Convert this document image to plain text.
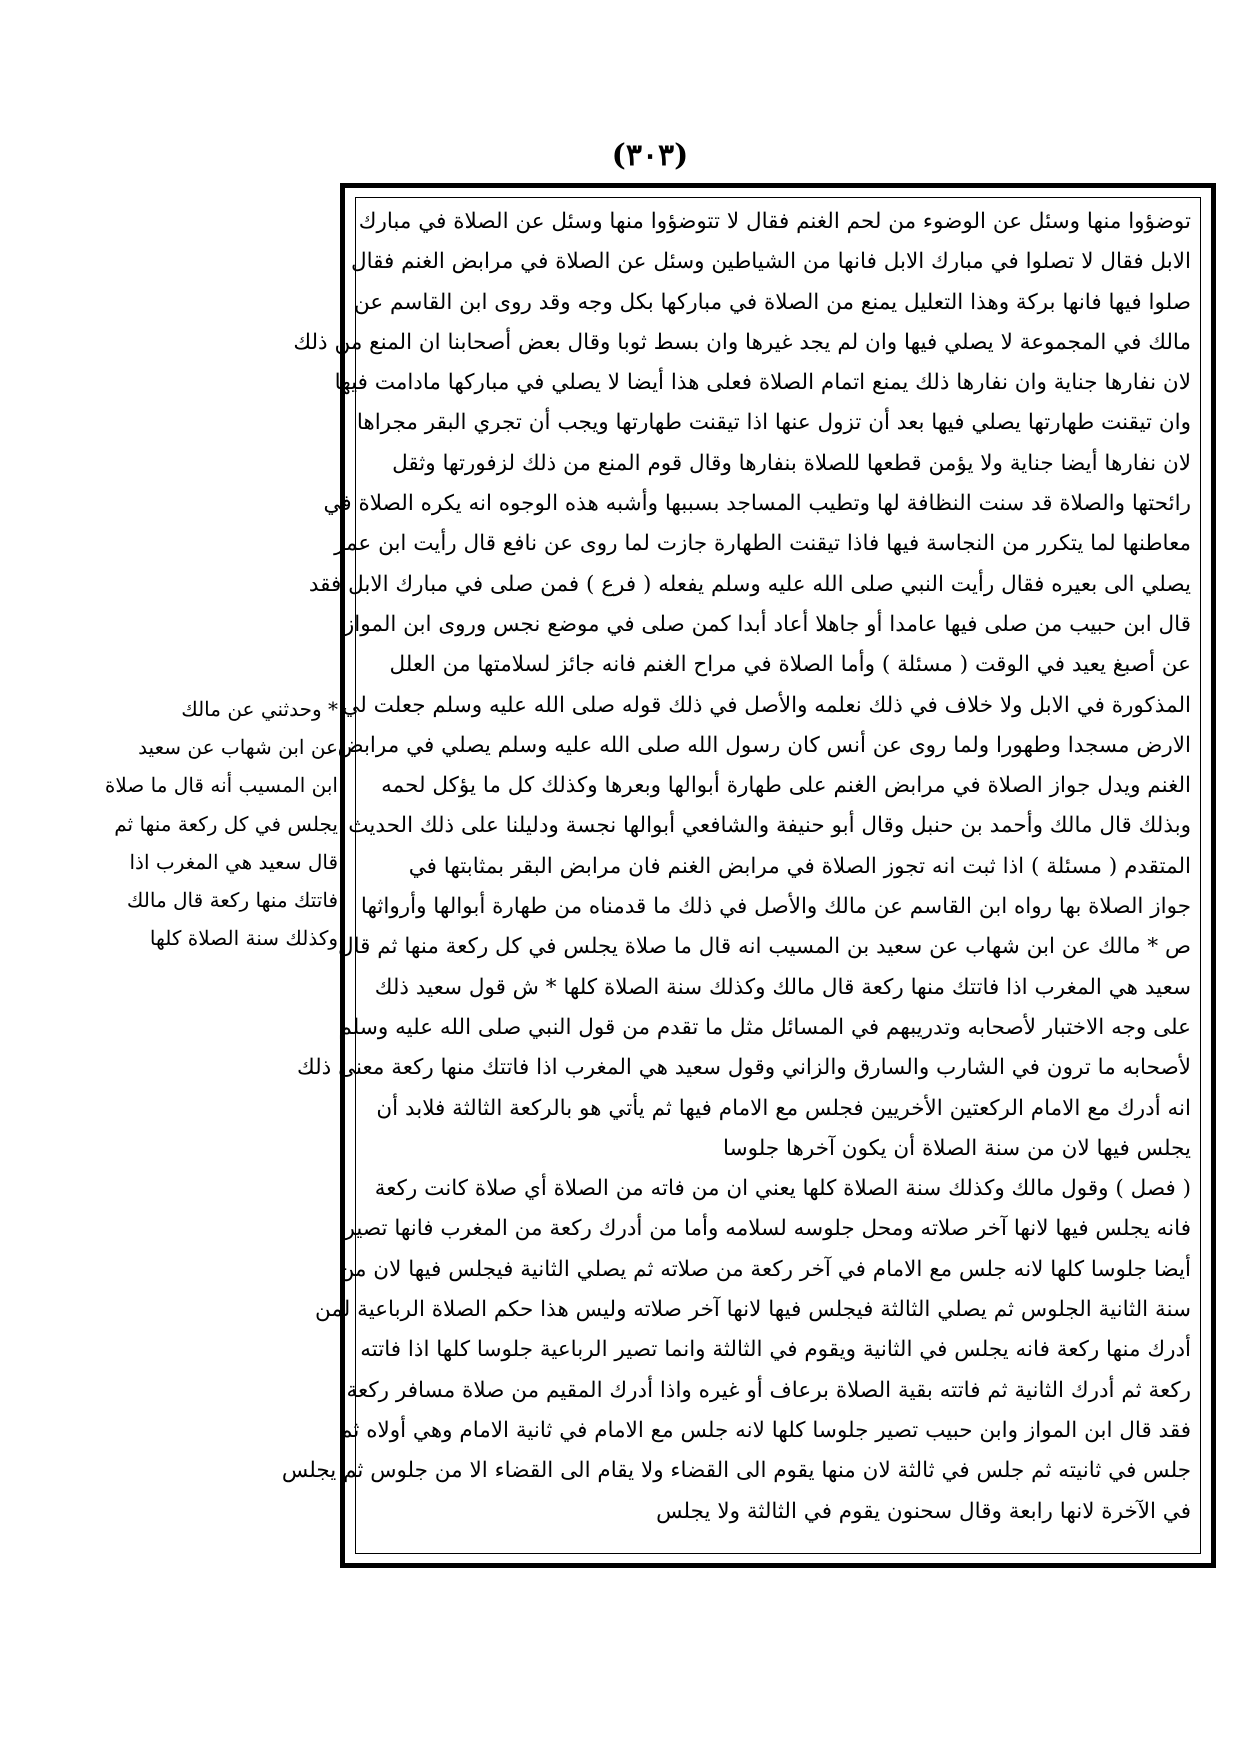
(٣٠٣)
* وحدثني عن مالك
عن ابن شهاب عن سعيد
ابن المسيب أنه قال ما صلاة
يجلس في كل ركعة منها ثم
قال سعيد هي المغرب اذا
فاتتك منها ركعة قال مالك
وكذلك سنة الصلاة كلها
توضؤوا منها وسئل عن الوضوء من لحم الغنم فقال لا تتوضؤوا منها وسئل عن الصلاة في مبارك
الابل فقال لا تصلوا في مبارك الابل فانها من الشياطين وسئل عن الصلاة في مرابض الغنم فقال
صلوا فيها فانها بركة وهذا التعليل يمنع من الصلاة في مباركها بكل وجه وقد روى ابن القاسم عن
مالك في المجموعة لا يصلي فيها وان لم يجد غيرها وان بسط ثوبا وقال بعض أصحابنا ان المنع من ذلك
لان نفارها جناية وان نفارها ذلك يمنع اتمام الصلاة فعلى هذا أيضا لا يصلي في مباركها مادامت فيها
وان تيقنت طهارتها يصلي فيها بعد أن تزول عنها اذا تيقنت طهارتها ويجب أن تجري البقر مجراها
لان نفارها أيضا جناية ولا يؤمن قطعها للصلاة بنفارها وقال قوم المنع من ذلك لزفورتها وثقل
رائحتها والصلاة قد سنت النظافة لها وتطيب المساجد بسببها وأشبه هذه الوجوه انه يكره الصلاة في
معاطنها لما يتكرر من النجاسة فيها فاذا تيقنت الطهارة جازت لما روى عن نافع قال رأيت ابن عمر
يصلي الى بعيره فقال رأيت النبي صلى الله عليه وسلم يفعله ( فرع ) فمن صلى في مبارك الابل فقد
قال ابن حبيب من صلى فيها عامدا أو جاهلا أعاد أبدا كمن صلى في موضع نجس وروى ابن المواز
عن أصبغ يعيد في الوقت ( مسئلة ) وأما الصلاة في مراح الغنم فانه جائز لسلامتها من العلل
المذكورة في الابل ولا خلاف في ذلك نعلمه والأصل في ذلك قوله صلى الله عليه وسلم جعلت لي
الارض مسجدا وطهورا ولما روى عن أنس كان رسول الله صلى الله عليه وسلم يصلي في مرابض
الغنم ويدل جواز الصلاة في مرابض الغنم على طهارة أبوالها وبعرها وكذلك كل ما يؤكل لحمه
وبذلك قال مالك وأحمد بن حنبل وقال أبو حنيفة والشافعي أبوالها نجسة ودليلنا على ذلك الحديث
المتقدم ( مسئلة ) اذا ثبت انه تجوز الصلاة في مرابض الغنم فان مرابض البقر بمثابتها في
جواز الصلاة بها رواه ابن القاسم عن مالك والأصل في ذلك ما قدمناه من طهارة أبوالها وأرواثها
ص * مالك عن ابن شهاب عن سعيد بن المسيب انه قال ما صلاة يجلس في كل ركعة منها ثم قال
سعيد هي المغرب اذا فاتتك منها ركعة قال مالك وكذلك سنة الصلاة كلها * ش قول سعيد ذلك
على وجه الاختبار لأصحابه وتدريبهم في المسائل مثل ما تقدم من قول النبي صلى الله عليه وسلم
لأصحابه ما ترون في الشارب والسارق والزاني وقول سعيد هي المغرب اذا فاتتك منها ركعة معنى ذلك
انه أدرك مع الامام الركعتين الأخريين فجلس مع الامام فيها ثم يأتي هو بالركعة الثالثة فلابد أن
يجلس فيها لان من سنة الصلاة أن يكون آخرها جلوسا
( فصل ) وقول مالك وكذلك سنة الصلاة كلها يعني ان من فاته من الصلاة أي صلاة كانت ركعة
فانه يجلس فيها لانها آخر صلاته ومحل جلوسه لسلامه وأما من أدرك ركعة من المغرب فانها تصير
أيضا جلوسا كلها لانه جلس مع الامام في آخر ركعة من صلاته ثم يصلي الثانية فيجلس فيها لان من
سنة الثانية الجلوس ثم يصلي الثالثة فيجلس فيها لانها آخر صلاته وليس هذا حكم الصلاة الرباعية لمن
أدرك منها ركعة فانه يجلس في الثانية ويقوم في الثالثة وانما تصير الرباعية جلوسا كلها اذا فاتته
ركعة ثم أدرك الثانية ثم فاتته بقية الصلاة برعاف أو غيره واذا أدرك المقيم من صلاة مسافر ركعة
فقد قال ابن المواز وابن حبيب تصير جلوسا كلها لانه جلس مع الامام في ثانية الامام وهي أولاه ثم
جلس في ثانيته ثم جلس في ثالثة لان منها يقوم الى القضاء ولا يقام الى القضاء الا من جلوس ثم يجلس
في الآخرة لانها رابعة وقال سحنون يقوم في الثالثة ولا يجلس
